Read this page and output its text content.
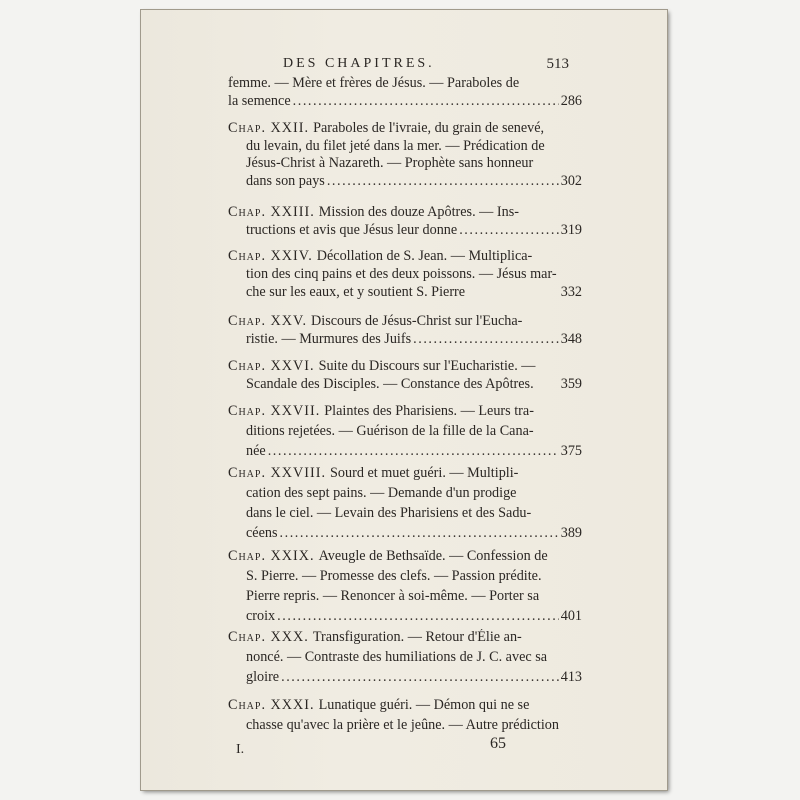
DES CHAPITRES.	513
femme. — Mère et frères de Jésus. — Paraboles de
la semence . . .	286
Chap. XXII. Paraboles de l'ivraie, du grain de senevé,
du levain, du filet jeté dans la mer. — Prédication de
Jésus-Christ à Nazareth. — Prophète sans honneur
dans son pays . . .	302
Chap. XXIII. Mission des douze Apôtres. — Ins-
tructions et avis que Jésus leur donne . . .	319
Chap. XXIV. Décollation de S. Jean. — Multiplica-
tion des cinq pains et des deux poissons. — Jésus mar-
che sur les eaux, et y soutient S. Pierre	332
Chap. XXV. Discours de Jésus-Christ sur l'Eucha-
ristie. — Murmures des Juifs . . .	348
Chap. XXVI. Suite du Discours sur l'Eucharistie. —
Scandale des Disciples. — Constance des Apôtres. 359
Chap. XXVII. Plaintes des Pharisiens. — Leurs tra-
ditions rejetées. — Guérison de la fille de la Cana-
née . . .	375
Chap. XXVIII. Sourd et muet guéri. — Multipli-
cation des sept pains. — Demande d'un prodige
dans le ciel. — Levain des Pharisiens et des Sadu-
céens . . .	389
Chap. XXIX. Aveugle de Bethsaïde. — Confession de
S. Pierre. — Promesse des clefs. — Passion prédite.
Pierre repris. — Renoncer à soi-même. — Porter sa
croix . . .	401
Chap. XXX. Transfiguration. — Retour d'Élie an-
noncé. — Contraste des humiliations de J. C. avec sa
gloire . . .	413
Chap. XXXI. Lunatique guéri. — Démon qui ne se
chasse qu'avec la prière et le jeûne. — Autre prédiction
I.	65
